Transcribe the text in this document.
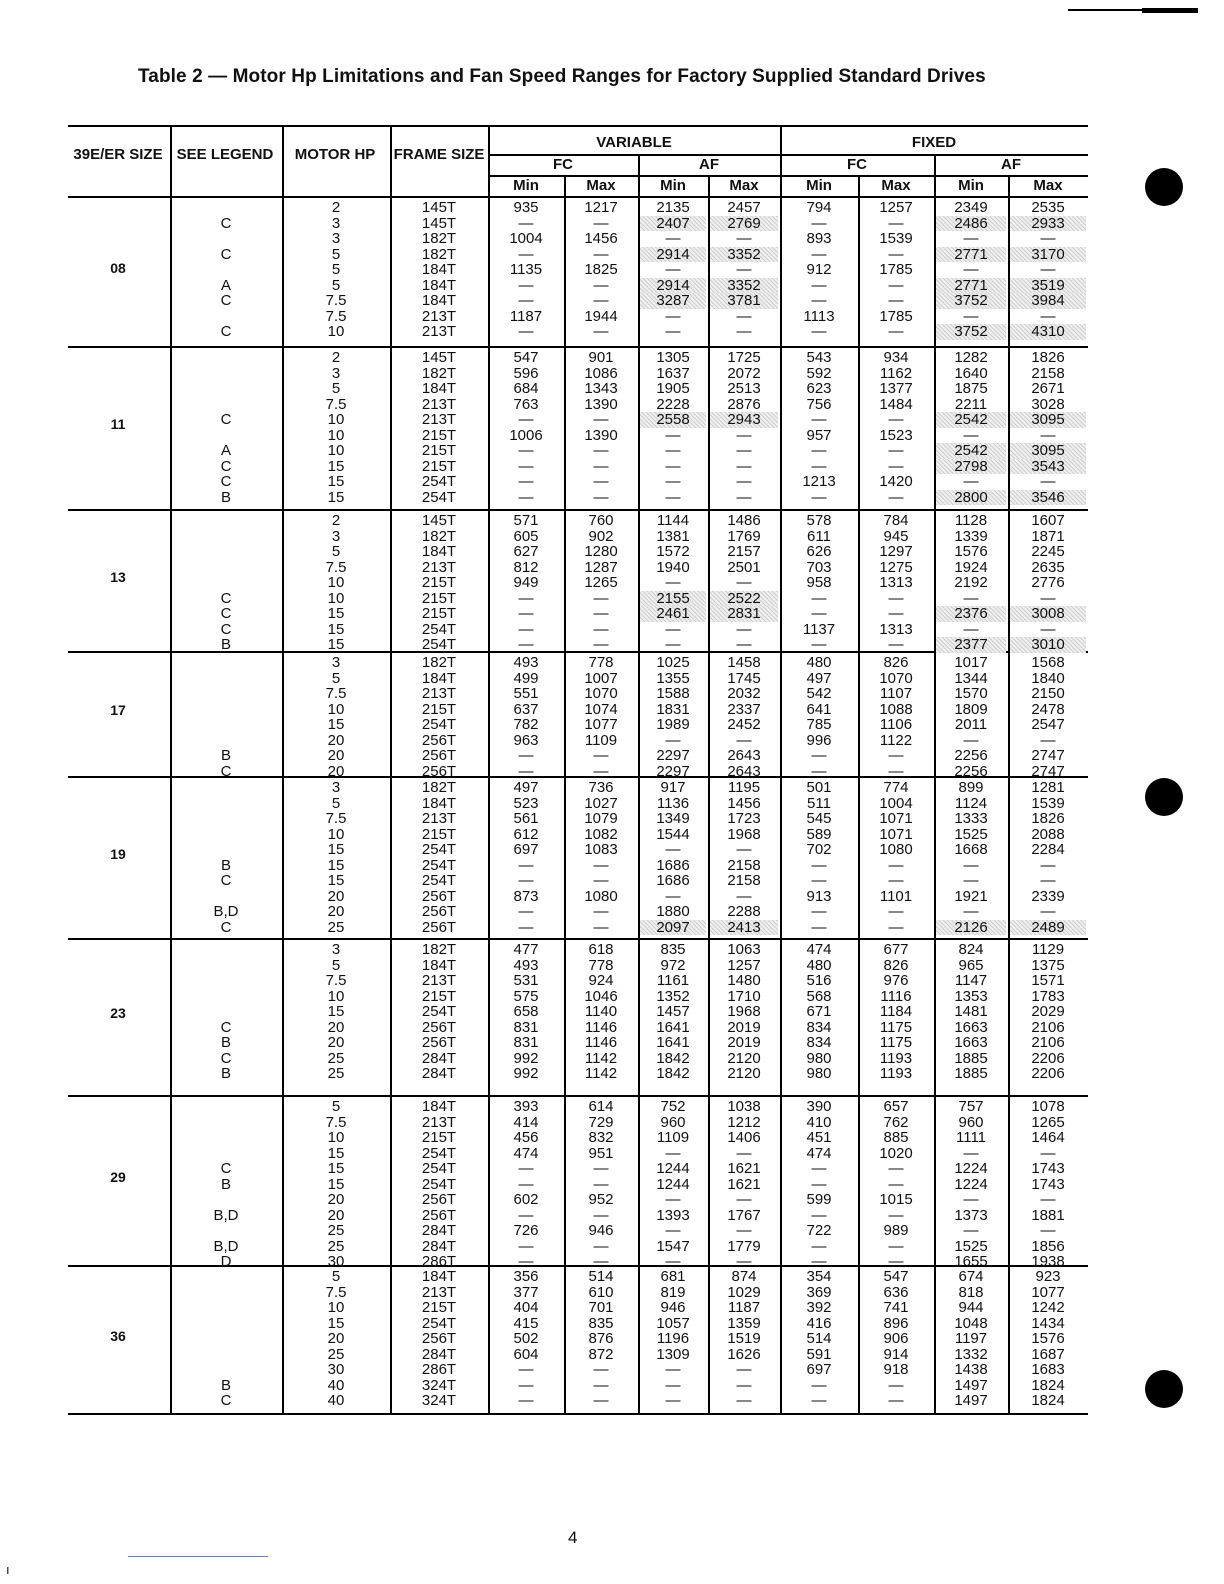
Table 2 — Motor Hp Limitations and Fan Speed Ranges for Factory Supplied Standard Drives
39E/ER SIZE SEE LEGEND	MOTOR HP	FRAME SIZE
VARIABLE	FIXED
FC	AF	FC	AF
Min	Max	Min	Max	Min	Max	Min	Max
08
2	145T	935	1217	2135	2457	794	1257	2349	2535
C	3	145T	—	—	2407	2769	—	—	2486	2933
3	182T	1004	1456	—	—	893	1539	—	—
C	5	182T	—	—	2914	3352	—	—	2771	3170
5	184T	1135	1825	—	—	912	1785	—	—
A	5	184T	—	—	2914	3352	—	—	2771	3519
C	7.5	184T	—	—	3287	3781	—	—	3752	3984
7.5	213T	1187	1944	—	—	1113	1785	—	—
C	10	213T	—	—	—	—	—	—	3752	4310
11
2	145T	547	901	1305	1725	543	934	1282	1826
3	182T	596	1086	1637	2072	592	1162	1640	2158
5	184T	684	1343	1905	2513	623	1377	1875	2671
7.5	213T	763	1390	2228	2876	756	1484	2211	3028
C	10	213T	—	—	2558	2943	—	—	2542	3095
10	215T	1006	1390	—	—	957	1523	—	—
A	10	215T	—	—	—	—	—	—	2542	3095
C	15	215T	—	—	—	—	—	—	2798	3543
C	15	254T	—	—	—	—	1213	1420	—	—
B	15	254T	—	—	—	—	—	—	2800	3546
13
2	145T	571	760	1144	1486	578	784	1128	1607
3	182T	605	902	1381	1769	611	945	1339	1871
5	184T	627	1280	1572	2157	626	1297	1576	2245
7.5	213T	812	1287	1940	2501	703	1275	1924	2635
10	215T	949	1265	—	—	958	1313	2192	2776
C	10	215T	—	—	2155	2522	—	—	—	—
C	15	215T	—	—	2461	2831	—	—	2376	3008
C	15	254T	—	—	—	—	1137	1313	—	—
B	15	254T	—	—	—	—	—	—	2377	3010
17
3	182T	493	778	1025	1458	480	826	1017	1568
5	184T	499	1007	1355	1745	497	1070	1344	1840
7.5	213T	551	1070	1588	2032	542	1107	1570	2150
10	215T	637	1074	1831	2337	641	1088	1809	2478
15	254T	782	1077	1989	2452	785	1106	2011	2547
20	256T	963	1109	—	—	996	1122	—	—
B	20	256T	—	—	2297	2643	—	—	2256	2747
C	20	256T	—	—	2297	2643	—	—	2256	2747
19
3	182T	497	736	917	1195	501	774	899	1281
5	184T	523	1027	1136	1456	511	1004	1124	1539
7.5	213T	561	1079	1349	1723	545	1071	1333	1826
10	215T	612	1082	1544	1968	589	1071	1525	2088
15	254T	697	1083	—	—	702	1080	1668	2284
B	15	254T	—	—	1686	2158	—	—	—	—
C	15	254T	—	—	1686	2158	—	—	—	—
20	256T	873	1080	—	—	913	1101	1921	2339
B,D	20	256T	—	—	1880	2288	—	—	—	—
C	25	256T	—	—	2097	2413	—	—	2126	2489
23
3	182T	477	618	835	1063	474	677	824	1129
5	184T	493	778	972	1257	480	826	965	1375
7.5	213T	531	924	1161	1480	516	976	1147	1571
10	215T	575	1046	1352	1710	568	1116	1353	1783
15	254T	658	1140	1457	1968	671	1184	1481	2029
C	20	256T	831	1146	1641	2019	834	1175	1663	2106
B	20	256T	831	1146	1641	2019	834	1175	1663	2106
C	25	284T	992	1142	1842	2120	980	1193	1885	2206
B	25	284T	992	1142	1842	2120	980	1193	1885	2206
29
5	184T	393	614	752	1038	390	657	757	1078
7.5	213T	414	729	960	1212	410	762	960	1265
10	215T	456	832	1109	1406	451	885	1111	1464
15	254T	474	951	—	—	474	1020	—	—
C	15	254T	—	—	1244	1621	—	—	1224	1743
B	15	254T	—	—	1244	1621	—	—	1224	1743
20	256T	602	952	—	—	599	1015	—	—
B,D	20	256T	—	—	1393	1767	—	—	1373	1881
25	284T	726	946	—	—	722	989	—	—
B,D	25	284T	—	—	1547	1779	—	—	1525	1856
D	30	286T	—	—	—	—	—	—	1655	1938
36
5	184T	356	514	681	874	354	547	674	923
7.5	213T	377	610	819	1029	369	636	818	1077
10	215T	404	701	946	1187	392	741	944	1242
15	254T	415	835	1057	1359	416	896	1048	1434
20	256T	502	876	1196	1519	514	906	1197	1576
25	284T	604	872	1309	1626	591	914	1332	1687
30	286T	—	—	—	—	697	918	1438	1683
B	40	324T	—	—	—	—	—	—	1497	1824
C	40	324T	—	—	—	—	—	—	1497	1824
4
ı
